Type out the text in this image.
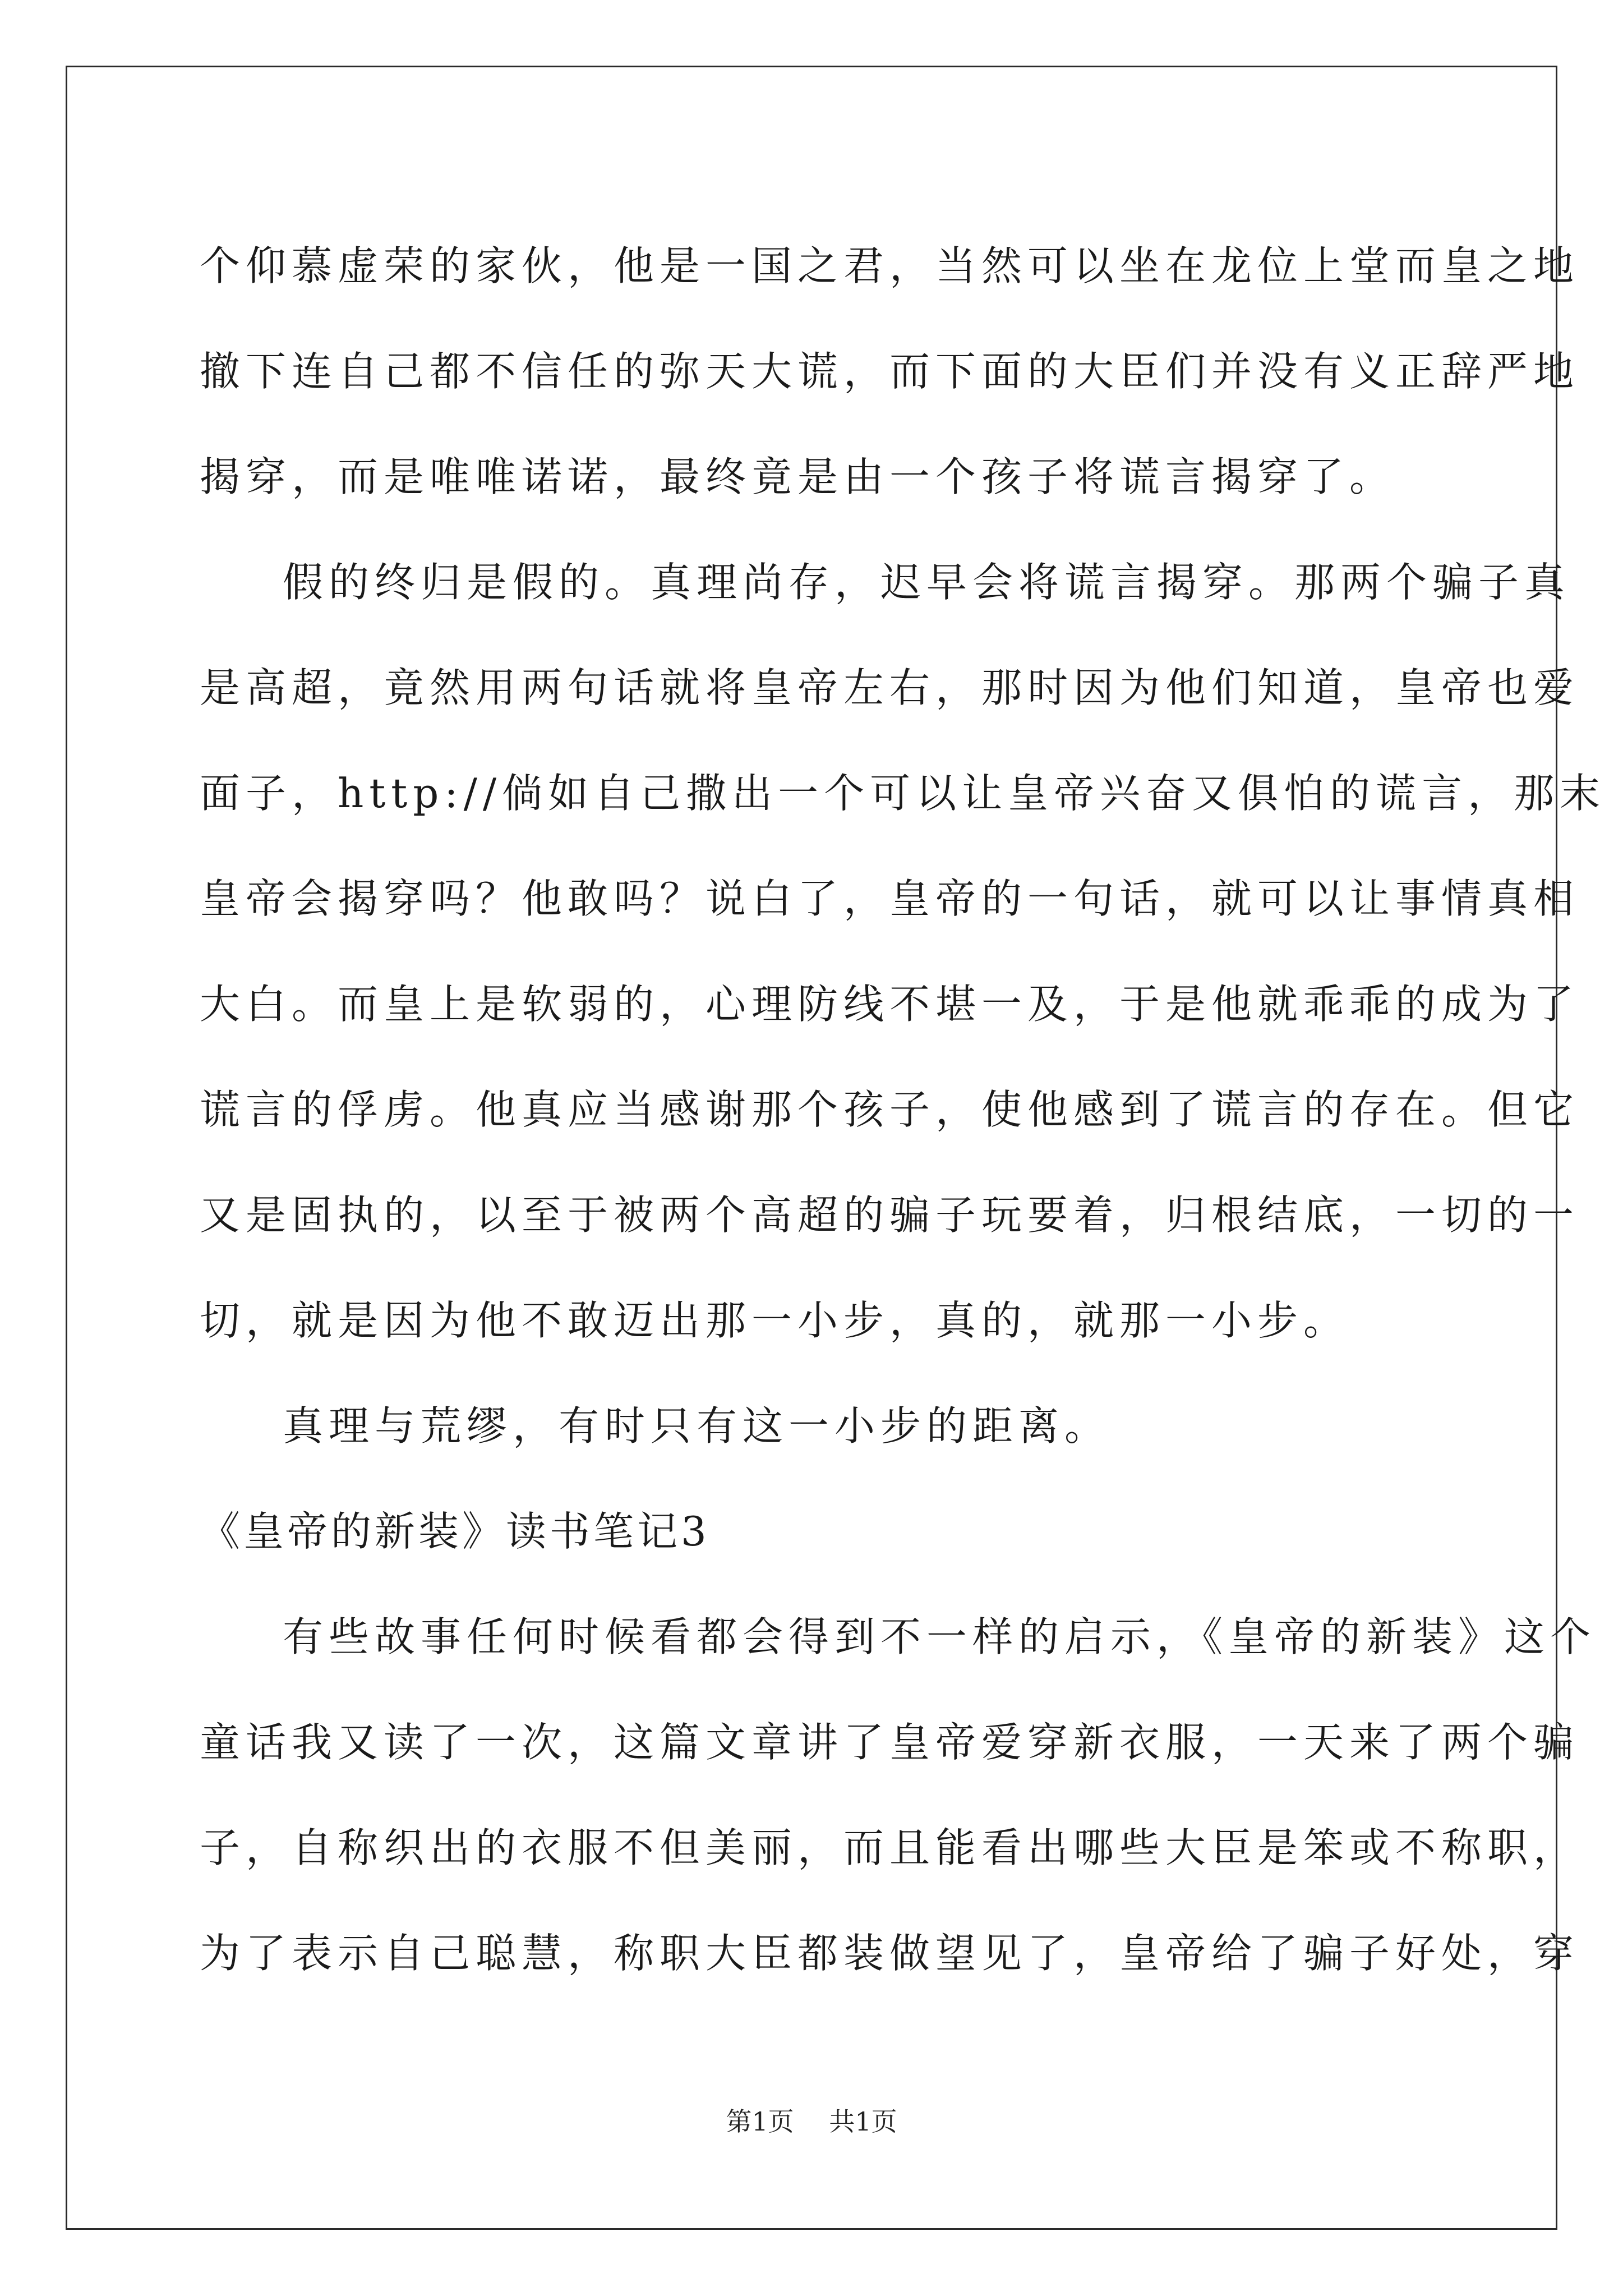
个仰慕虚荣的家伙，他是一国之君，当然可以坐在龙位上堂而皇之地
撤下连自己都不信任的弥天大谎，而下面的大臣们并没有义正辞严地
揭穿，而是唯唯诺诺，最终竟是由一个孩子将谎言揭穿了。
假的终归是假的。真理尚存，迟早会将谎言揭穿。那两个骗子真
是高超，竟然用两句话就将皇帝左右，那时因为他们知道，皇帝也爱
面子，http://倘如自己撒出一个可以让皇帝兴奋又俱怕的谎言，那末
皇帝会揭穿吗？他敢吗？说白了，皇帝的一句话，就可以让事情真相
大白。而皇上是软弱的，心理防线不堪一及，于是他就乖乖的成为了
谎言的俘虏。他真应当感谢那个孩子，使他感到了谎言的存在。但它
又是固执的，以至于被两个高超的骗子玩要着，归根结底，一切的一
切，就是因为他不敢迈出那一小步，真的，就那一小步。
真理与荒缪，有时只有这一小步的距离。
《皇帝的新装》读书笔记3
有些故事任何时候看都会得到不一样的启示，《皇帝的新装》这个
童话我又读了一次，这篇文章讲了皇帝爱穿新衣服，一天来了两个骗
子，自称织出的衣服不但美丽，而且能看出哪些大臣是笨或不称职，
为了表示自己聪慧，称职大臣都装做望见了，皇帝给了骗子好处，穿
第1页 共1页
